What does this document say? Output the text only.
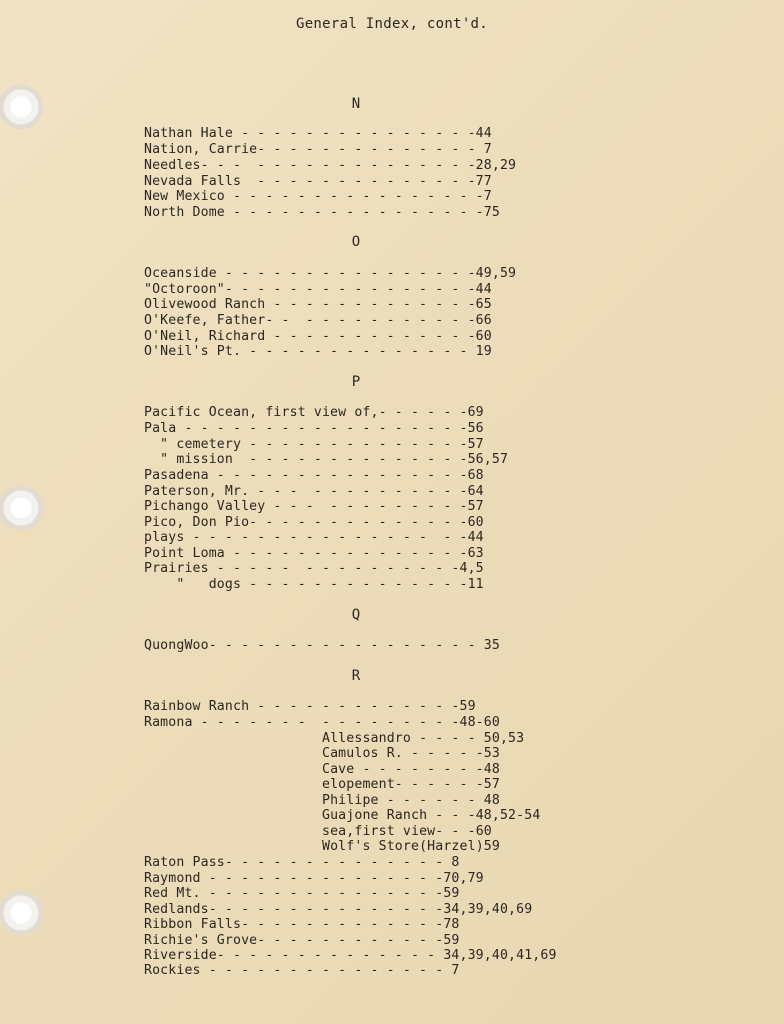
General Index, cont'd.
N
Nathan Hale - - - - - - - - - - - - - - -44
Nation, Carrie- - - - - - - - - - - - - - 7
Needles- - -  - - - - - - - - - - - - - -28,29
Nevada Falls  - - - - - - - - - - - - - -77
New Mexico - - - - - - - - - - - - - - - -7
North Dome - - - - - - - - - - - - - - - -75
O
Oceanside - - - - - - - - - - - - - - - -49,59
"Octoroon"- - - - - - - - - - - - - - - -44
Olivewood Ranch - - - - - - - - - - - - -65
O'Keefe, Father- -  - - - - - - - - - - -66
O'Neil, Richard - - - - - - - - - - - - -60
O'Neil's Pt. - - - - - - - - - - - - - - 19
P
Pacific Ocean, first view of,- - - - - -69
Pala - - - - - - - - - - - - - - - - - -56
" cemetery - - - - - - - - - - - - - -57
" mission  - - - - - - - - - - - - - -56,57
Pasadena - - - - - - - - - - - - - - - -68
Paterson, Mr. - - -  - - - - - - - - - -64
Pichango Valley - - -  - - - - - - - - -57
Pico, Don Pio- - - - - - - - - - - - - -60
plays - - - - - - - - - - - - - - -  - -44
Point Loma - - - - - - - - - - - - - - -63
Prairies - - - - -  - - - - - - - - - -4,5
"   dogs - - - - - - - - - - - - - -11
Q
QuongWoo- - - - - - - - - - - - - - - - - 35
R
Rainbow Ranch - - - - - - - - - - - - -59
Ramona - - - - - - -  - - - - - - - - -48-60
Allessandro - - - - 50,53
Camulos R. - - - - -53
Cave - - - - - - - -48
elopement- - - - - -57
Philipe - - - - - - 48
Guajone Ranch - - -48,52-54
sea,first view- - -60
Wolf's Store(Harzel)59
Raton Pass- - - - - - - - - - - - - - 8
Raymond - - - - - - - - - - - - - - -70,79
Red Mt. - - - - - - - - - - - - - - -59
Redlands- - - - - - - - - - - - - - -34,39,40,69
Ribbon Falls- - - - - - - - - - - - -78
Richie's Grove- - - - - - - - - - - -59
Riverside- - - - - - - - - - - - - - 34,39,40,41,69
Rockies - - - - - - - - - - - - - - - 7
